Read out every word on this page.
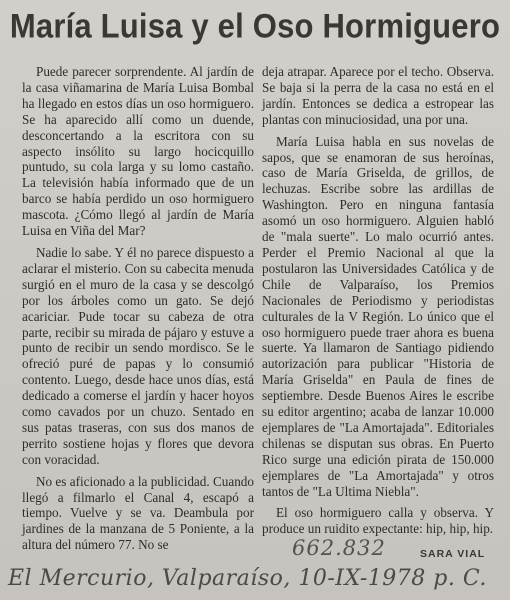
María Luisa y el Oso Hormiguero

Puede parecer sorprendente. Al jardín de la casa viñamarina de María Luisa Bombal ha llegado en estos días un oso hormiguero. Se ha aparecido allí como un duende, desconcertando a la escritora con su aspecto insólito su largo hocicquillo puntudo, su cola larga y su lomo castaño. La televisión había informado que de un barco se había perdido un oso hormiguero mascota. ¿Cómo llegó al jardín de María Luisa en Viña del Mar?

Nadie lo sabe. Y él no parece dispuesto a aclarar el misterio. Con su cabecita menuda surgió en el muro de la casa y se descolgó por los árboles como un gato. Se dejó acariciar. Pude tocar su cabeza de otra parte, recibir su mirada de pájaro y estuve a punto de recibir un sendo mordisco. Se le ofreció puré de papas y lo consumió contento. Luego, desde hace unos días, está dedicado a comerse el jardín y hacer hoyos como cavados por un chuzo. Sentado en sus patas traseras, con sus dos manos de perrito sostiene hojas y flores que devora con voracidad.

No es aficionado a la publicidad. Cuando llegó a filmarlo el Canal 4, escapó a tiempo. Vuelve y se va. Deambula por jardines de la manzana de 5 Poniente, a la altura del número 77. No se

deja atrapar. Aparece por el techo. Observa. Se baja si la perra de la casa no está en el jardín. Entonces se dedica a estropear las plantas con minuciosidad, una por una.

María Luisa habla en sus novelas de sapos, que se enamoran de sus heroínas, caso de María Griselda, de grillos, de lechuzas. Escribe sobre las ardillas de Washington. Pero en ninguna fantasía asomó un oso hormiguero. Alguien habló de "mala suerte". Lo malo ocurrió antes. Perder el Premio Nacional al que la postularon las Universidades Católica y de Chile de Valparaíso, los Premios Nacionales de Periodismo y periodistas culturales de la V Región. Lo único que el oso hormiguero puede traer ahora es buena suerte. Ya llamaron de Santiago pidiendo autorización para publicar "Historia de María Griselda" en Paula de fines de septiembre. Desde Buenos Aires le escribe su editor argentino; acaba de lanzar 10.000 ejemplares de "La Amortajada". Editoriales chilenas se disputan sus obras. En Puerto Rico surge una edición pirata de 150.000 ejemplares de "La Amortajada" y otros tantos de "La Ultima Niebla".

El oso hormiguero calla y observa. Y produce un ruidito expectante: hip, hip, hip.

SARA VIAL
662.832
El Mercurio, Valparaíso, 10-IX-1978 p. C.
